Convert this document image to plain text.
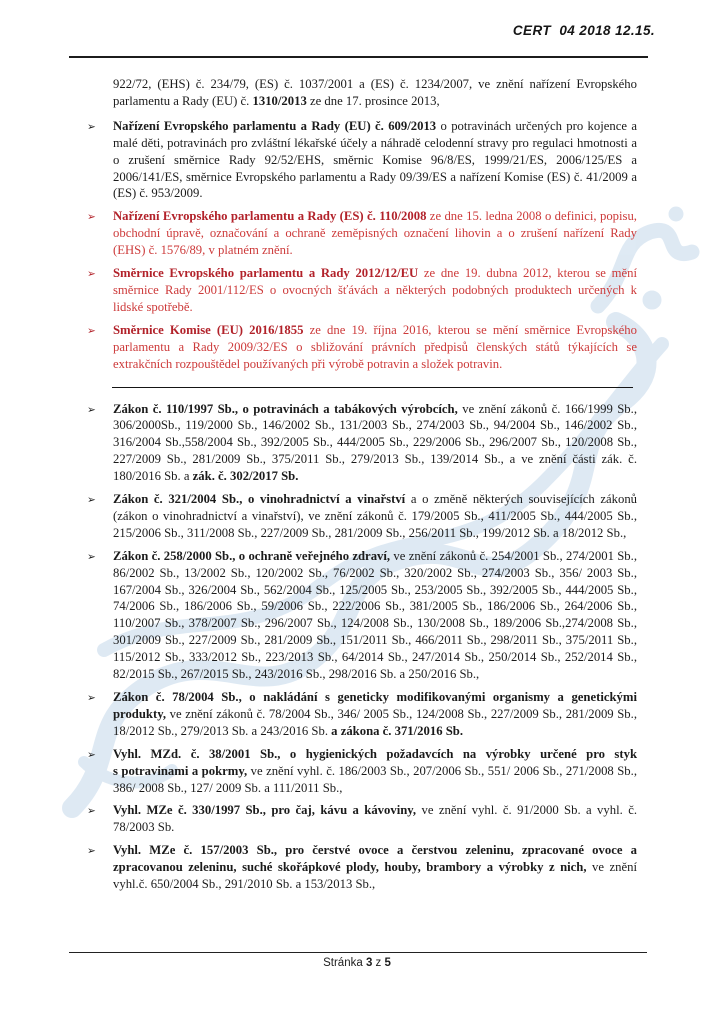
CERT  04 2018 12.15.

922/72, (EHS) č. 234/79, (ES) č. 1037/2001 a (ES) č. 1234/2007, ve znění nařízení Evropského parlamentu a Rady (EU) č. 1310/2013 ze dne 17. prosince 2013,

➢ Nařízení Evropského parlamentu a Rady (EU) č. 609/2013 o potravinách určených pro kojence a malé děti, potravinách pro zvláštní lékařské účely a náhradě celodenní stravy pro regulaci hmotnosti a o zrušení směrnice Rady 92/52/EHS, směrnic Komise 96/8/ES, 1999/21/ES, 2006/125/ES a 2006/141/ES, směrnice Evropského parlamentu a Rady 09/39/ES a nařízení Komise (ES) č. 41/2009 a (ES) č. 953/2009.
➢ Nařízení Evropského parlamentu a Rady (ES) č. 110/2008 ze dne 15. ledna 2008 o definici, popisu, obchodní úpravě, označování a ochraně zeměpisných označení lihovin a o zrušení nařízení Rady (EHS) č. 1576/89, v platném znění.
➢ Směrnice Evropského parlamentu a Rady 2012/12/EU ze dne 19. dubna 2012, kterou se mění směrnice Rady 2001/112/ES o ovocných šťávách a některých podobných produktech určených k lidské spotřebě.
➢ Směrnice Komise (EU) 2016/1855 ze dne 19. října 2016, kterou se mění směrnice Evropského parlamentu a Rady 2009/32/ES o sbližování právních předpisů členských států týkajících se extrakčních rozpouštědel používaných při výrobě potravin a složek potravin.
➢ Zákon č. 110/1997 Sb., o potravinách a tabákových výrobcích, ve znění zákonů č. 166/1999 Sb., 306/2000Sb., 119/2000 Sb., 146/2002 Sb., 131/2003 Sb., 274/2003 Sb., 94/2004 Sb., 146/2002 Sb., 316/2004 Sb.,558/2004 Sb., 392/2005 Sb., 444/2005 Sb., 229/2006 Sb., 296/2007 Sb., 120/2008 Sb., 227/2009 Sb., 281/2009 Sb., 375/2011 Sb., 279/2013 Sb., 139/2014 Sb., a ve znění části zák. č. 180/2016 Sb. a zák. č. 302/2017 Sb.
➢ Zákon č. 321/2004 Sb., o vinohradnictví a vinařství a o změně některých souvisejících zákonů (zákon o vinohradnictví a vinařství), ve znění zákonů č. 179/2005 Sb., 411/2005 Sb., 444/2005 Sb., 215/2006 Sb., 311/2008 Sb., 227/2009 Sb., 281/2009 Sb., 256/2011 Sb., 199/2012 Sb. a 18/2012 Sb.,
➢ Zákon č. 258/2000 Sb., o ochraně veřejného zdraví, ve znění zákonů č. 254/2001 Sb., 274/2001 Sb., 86/2002 Sb., 13/2002 Sb., 120/2002 Sb., 76/2002 Sb., 320/2002 Sb., 274/2003 Sb., 356/ 2003 Sb., 167/2004 Sb., 326/2004 Sb., 562/2004 Sb., 125/2005 Sb., 253/2005 Sb., 392/2005 Sb., 444/2005 Sb., 74/2006 Sb., 186/2006 Sb., 59/2006 Sb., 222/2006 Sb., 381/2005 Sb., 186/2006 Sb., 264/2006 Sb., 110/2007 Sb., 378/2007 Sb., 296/2007 Sb., 124/2008 Sb., 130/2008 Sb., 189/2006 Sb.,274/2008 Sb., 301/2009 Sb., 227/2009 Sb., 281/2009 Sb., 151/2011 Sb., 466/2011 Sb., 298/2011 Sb., 375/2011 Sb., 115/2012 Sb., 333/2012 Sb., 223/2013 Sb., 64/2014 Sb., 247/2014 Sb., 250/2014 Sb., 252/2014 Sb., 82/2015 Sb., 267/2015 Sb., 243/2016 Sb., 298/2016 Sb. a 250/2016 Sb.,
➢ Zákon č. 78/2004 Sb., o nakládání s geneticky modifikovanými organismy a genetickými produkty, ve znění zákonů č. 78/2004 Sb., 346/ 2005 Sb., 124/2008 Sb., 227/2009 Sb., 281/2009 Sb., 18/2012 Sb., 279/2013 Sb. a 243/2016 Sb. a zákona č. 371/2016 Sb.
➢ Vyhl. MZd. č. 38/2001 Sb., o hygienických požadavcích na výrobky určené pro styk s potravinami a pokrmy, ve znění vyhl. č. 186/2003 Sb., 207/2006 Sb., 551/ 2006 Sb., 271/2008 Sb., 386/ 2008 Sb., 127/ 2009 Sb. a 111/2011 Sb.,
➢ Vyhl. MZe č. 330/1997 Sb., pro čaj, kávu a kávoviny, ve znění vyhl. č. 91/2000 Sb. a vyhl. č. 78/2003 Sb.
➢ Vyhl. MZe č. 157/2003 Sb., pro čerstvé ovoce a čerstvou zeleninu, zpracované ovoce a zpracovanou zeleninu, suché skořápkové plody, houby, brambory a výrobky z nich, ve znění vyhl.č. 650/2004 Sb., 291/2010 Sb. a 153/2013 Sb.,
Stránka 3 z 5
